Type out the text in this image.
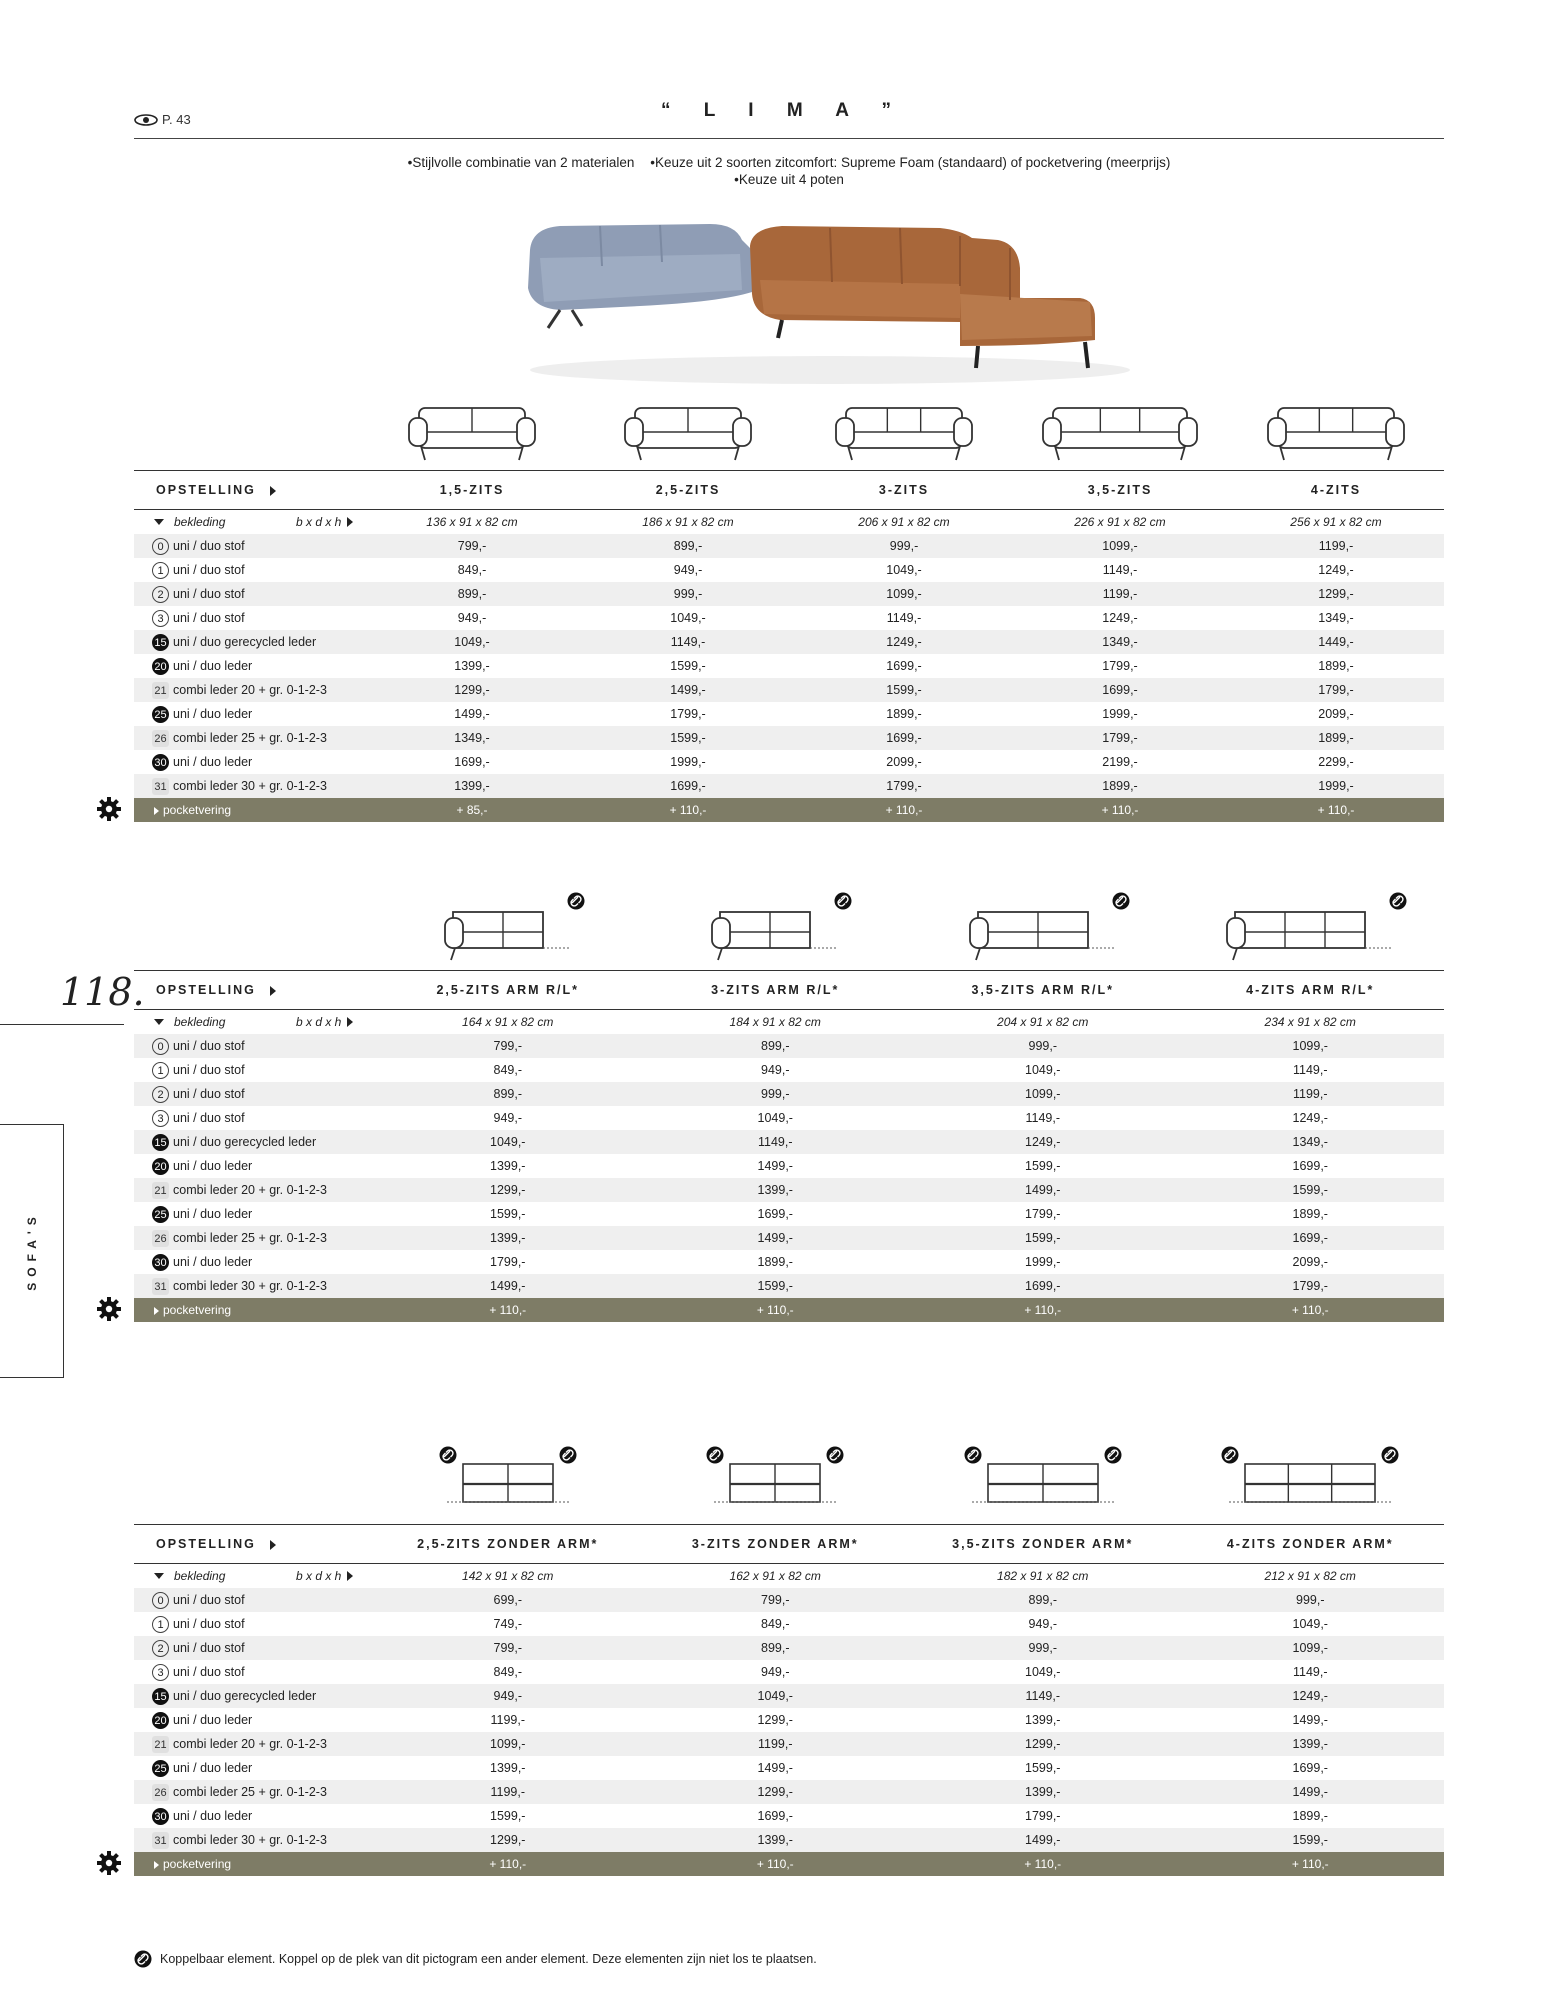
P. 43	“ L I M A ”
• Stijlvolle combinatie van 2 materialen • Keuze uit 2 soorten zitcomfort: Supreme Foam (standaard) of pocketvering (meerprijs)
• Keuze uit 4 poten
118.
SOFA'S
OPSTELLING	1,5-ZITS	2,5-ZITS	3-ZITS	3,5-ZITS	4-ZITS
bekleding	b x d x h	136 x 91 x 82 cm	186 x 91 x 82 cm	206 x 91 x 82 cm	226 x 91 x 82 cm	256 x 91 x 82 cm
0 uni / duo stof	799,-	899,-	999,-	1099,-	1199,-
1 uni / duo stof	849,-	949,-	1049,-	1149,-	1249,-
2 uni / duo stof	899,-	999,-	1099,-	1199,-	1299,-
3 uni / duo stof	949,-	1049,-	1149,-	1249,-	1349,-
15 uni / duo gerecycled leder	1049,-	1149,-	1249,-	1349,-	1449,-
20 uni / duo leder	1399,-	1599,-	1699,-	1799,-	1899,-
21 combi leder 20 + gr. 0-1-2-3	1299,-	1499,-	1599,-	1699,-	1799,-
25 uni / duo leder	1499,-	1799,-	1899,-	1999,-	2099,-
26 combi leder 25 + gr. 0-1-2-3	1349,-	1599,-	1699,-	1799,-	1899,-
30 uni / duo leder	1699,-	1999,-	2099,-	2199,-	2299,-
31 combi leder 30 + gr. 0-1-2-3	1399,-	1699,-	1799,-	1899,-	1999,-
pocketvering	+ 85,-	+ 110,-	+ 110,-	+ 110,-	+ 110,-
OPSTELLING	2,5-ZITS ARM R/L*	3-ZITS ARM R/L*	3,5-ZITS ARM R/L*	4-ZITS ARM R/L*
bekleding	b x d x h	164 x 91 x 82 cm	184 x 91 x 82 cm	204 x 91 x 82 cm	234 x 91 x 82 cm
0 uni / duo stof	799,-	899,-	999,-	1099,-
1 uni / duo stof	849,-	949,-	1049,-	1149,-
2 uni / duo stof	899,-	999,-	1099,-	1199,-
3 uni / duo stof	949,-	1049,-	1149,-	1249,-
15 uni / duo gerecycled leder	1049,-	1149,-	1249,-	1349,-
20 uni / duo leder	1399,-	1499,-	1599,-	1699,-
21 combi leder 20 + gr. 0-1-2-3	1299,-	1399,-	1499,-	1599,-
25 uni / duo leder	1599,-	1699,-	1799,-	1899,-
26 combi leder 25 + gr. 0-1-2-3	1399,-	1499,-	1599,-	1699,-
30 uni / duo leder	1799,-	1899,-	1999,-	2099,-
31 combi leder 30 + gr. 0-1-2-3	1499,-	1599,-	1699,-	1799,-
pocketvering	+ 110,-	+ 110,-	+ 110,-	+ 110,-
OPSTELLING	2,5-ZITS ZONDER ARM*	3-ZITS ZONDER ARM*	3,5-ZITS ZONDER ARM*	4-ZITS ZONDER ARM*
bekleding	b x d x h	142 x 91 x 82 cm	162 x 91 x 82 cm	182 x 91 x 82 cm	212 x 91 x 82 cm
0 uni / duo stof	699,-	799,-	899,-	999,-
1 uni / duo stof	749,-	849,-	949,-	1049,-
2 uni / duo stof	799,-	899,-	999,-	1099,-
3 uni / duo stof	849,-	949,-	1049,-	1149,-
15 uni / duo gerecycled leder	949,-	1049,-	1149,-	1249,-
20 uni / duo leder	1199,-	1299,-	1399,-	1499,-
21 combi leder 20 + gr. 0-1-2-3	1099,-	1199,-	1299,-	1399,-
25 uni / duo leder	1399,-	1499,-	1599,-	1699,-
26 combi leder 25 + gr. 0-1-2-3	1199,-	1299,-	1399,-	1499,-
30 uni / duo leder	1599,-	1699,-	1799,-	1899,-
31 combi leder 30 + gr. 0-1-2-3	1299,-	1399,-	1499,-	1599,-
pocketvering	+ 110,-	+ 110,-	+ 110,-	+ 110,-
Koppelbaar element. Koppel op de plek van dit pictogram een ander element. Deze elementen zijn niet los te plaatsen.
